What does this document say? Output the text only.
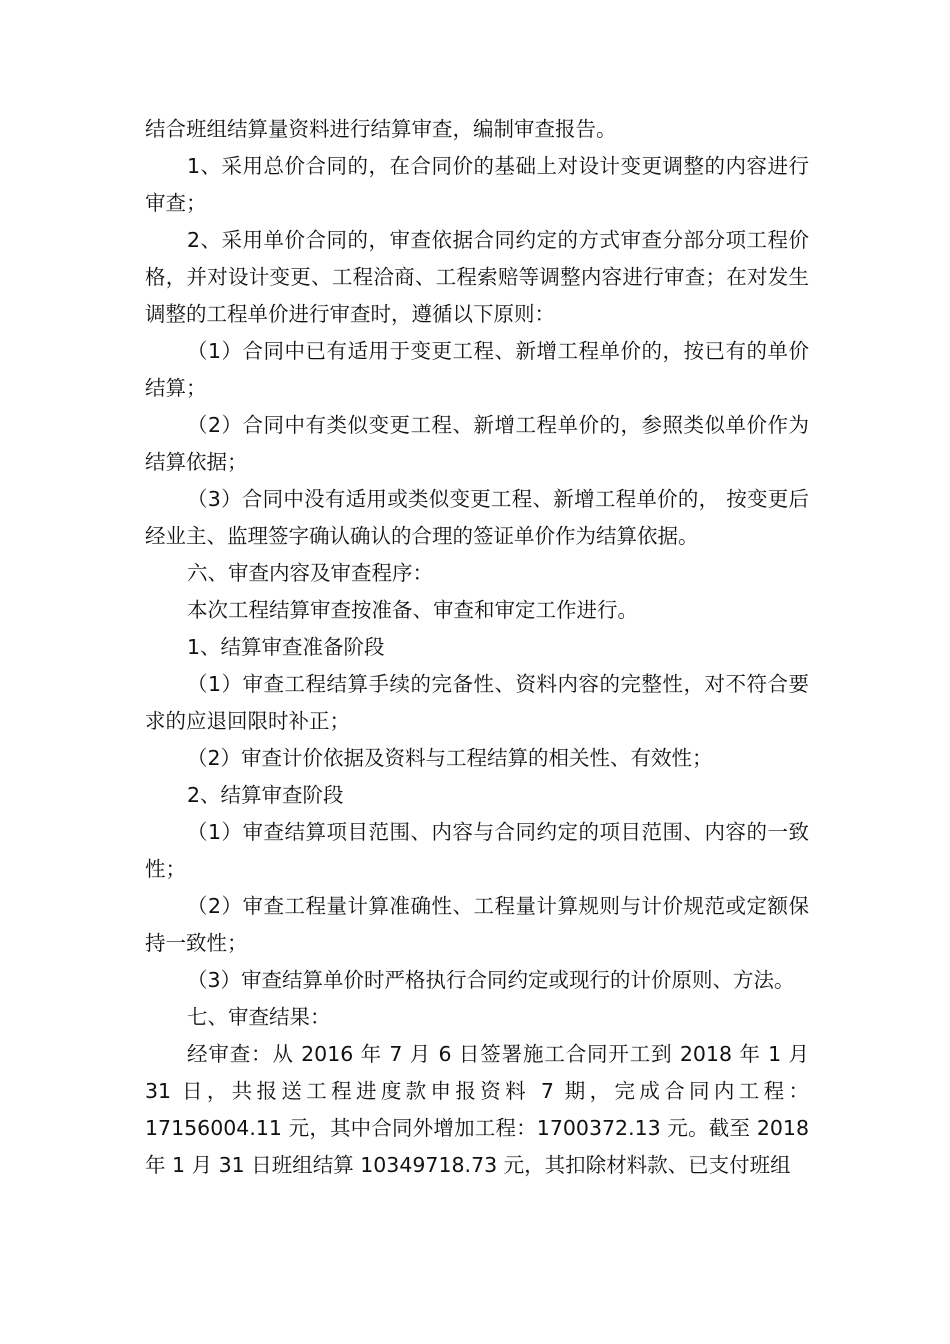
结合班组结算量资料进行结算审查，编制审查报告。

1、采用总价合同的，在合同价的基础上对设计变更调整的内容进行审查；

2、采用单价合同的，审查依据合同约定的方式审查分部分项工程价格，并对设计变更、工程洽商、工程索赔等调整内容进行审查；在对发生调整的工程单价进行审查时，遵循以下原则：

（1）合同中已有适用于变更工程、新增工程单价的，按已有的单价结算；

（2）合同中有类似变更工程、新增工程单价的，参照类似单价作为结算依据；

（3）合同中没有适用或类似变更工程、新增工程单价的， 按变更后经业主、监理签字确认确认的合理的签证单价作为结算依据。

六、审查内容及审查程序：

本次工程结算审查按准备、审查和审定工作进行。

1、结算审查准备阶段

（1）审查工程结算手续的完备性、资料内容的完整性，对不符合要求的应退回限时补正；

（2）审查计价依据及资料与工程结算的相关性、有效性；

2、结算审查阶段

（1）审查结算项目范围、内容与合同约定的项目范围、内容的一致性；

（2）审查工程量计算准确性、工程量计算规则与计价规范或定额保持一致性；

（3）审查结算单价时严格执行合同约定或现行的计价原则、方法。

七、审查结果：

经审查：从 2016 年 7 月 6 日签署施工合同开工到 2018 年 1 月 31 日，共报送工程进度款申报资料 7 期，完成合同内工程：17156004.11 元，其中合同外增加工程：1700372.13 元。截至 2018 年 1 月 31 日班组结算 10349718.73 元，其扣除材料款、已支付班组
